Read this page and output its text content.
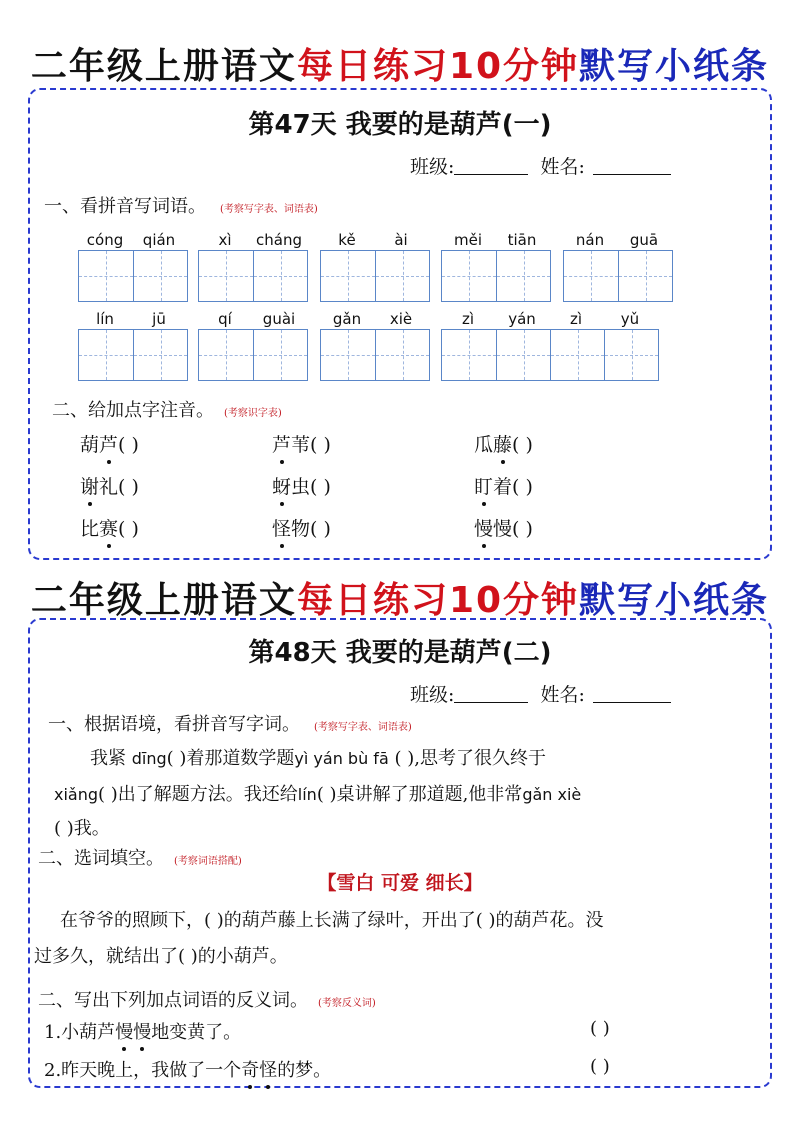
二年级上册语文每日练习10分钟默写小纸条
第47天 我要的是葫芦(一)
班级:	姓名:
一、看拼音写词语。 (考察写字表、词语表)
cóng	qián	xì	cháng	kě	ài	měi	tiān	nán	guā
lín	jū	qí	guài	gǎn	xiè	zì	yán	zì	yǔ
二、给加点字注音。 (考察识字表)
葫芦( )	芦苇( )	瓜藤( )
谢礼( )	蚜虫( )	盯着( )
比赛( )	怪物( )	慢慢( )
二年级上册语文每日练习10分钟默写小纸条
第48天 我要的是葫芦(二)
班级:	姓名:
一、根据语境，看拼音写字词。 (考察写字表、词语表)
我紧 dīng( )着那道数学题yì yán bù fā ( ),思考了很久终于
xiǎng( )出了解题方法。我还给lín( )桌讲解了那道题,他非常gǎn xiè
( )我。
二、选词填空。 (考察词语搭配)
【雪白 可爱 细长】
在爷爷的照顾下，( )的葫芦藤上长满了绿叶，开出了( )的葫芦花。没
过多久，就结出了( )的小葫芦。
二、写出下列加点词语的反义词。 (考察反义词)
1.小葫芦慢慢地变黄了。	( )
2.昨天晚上，我做了一个奇怪的梦。	( )
